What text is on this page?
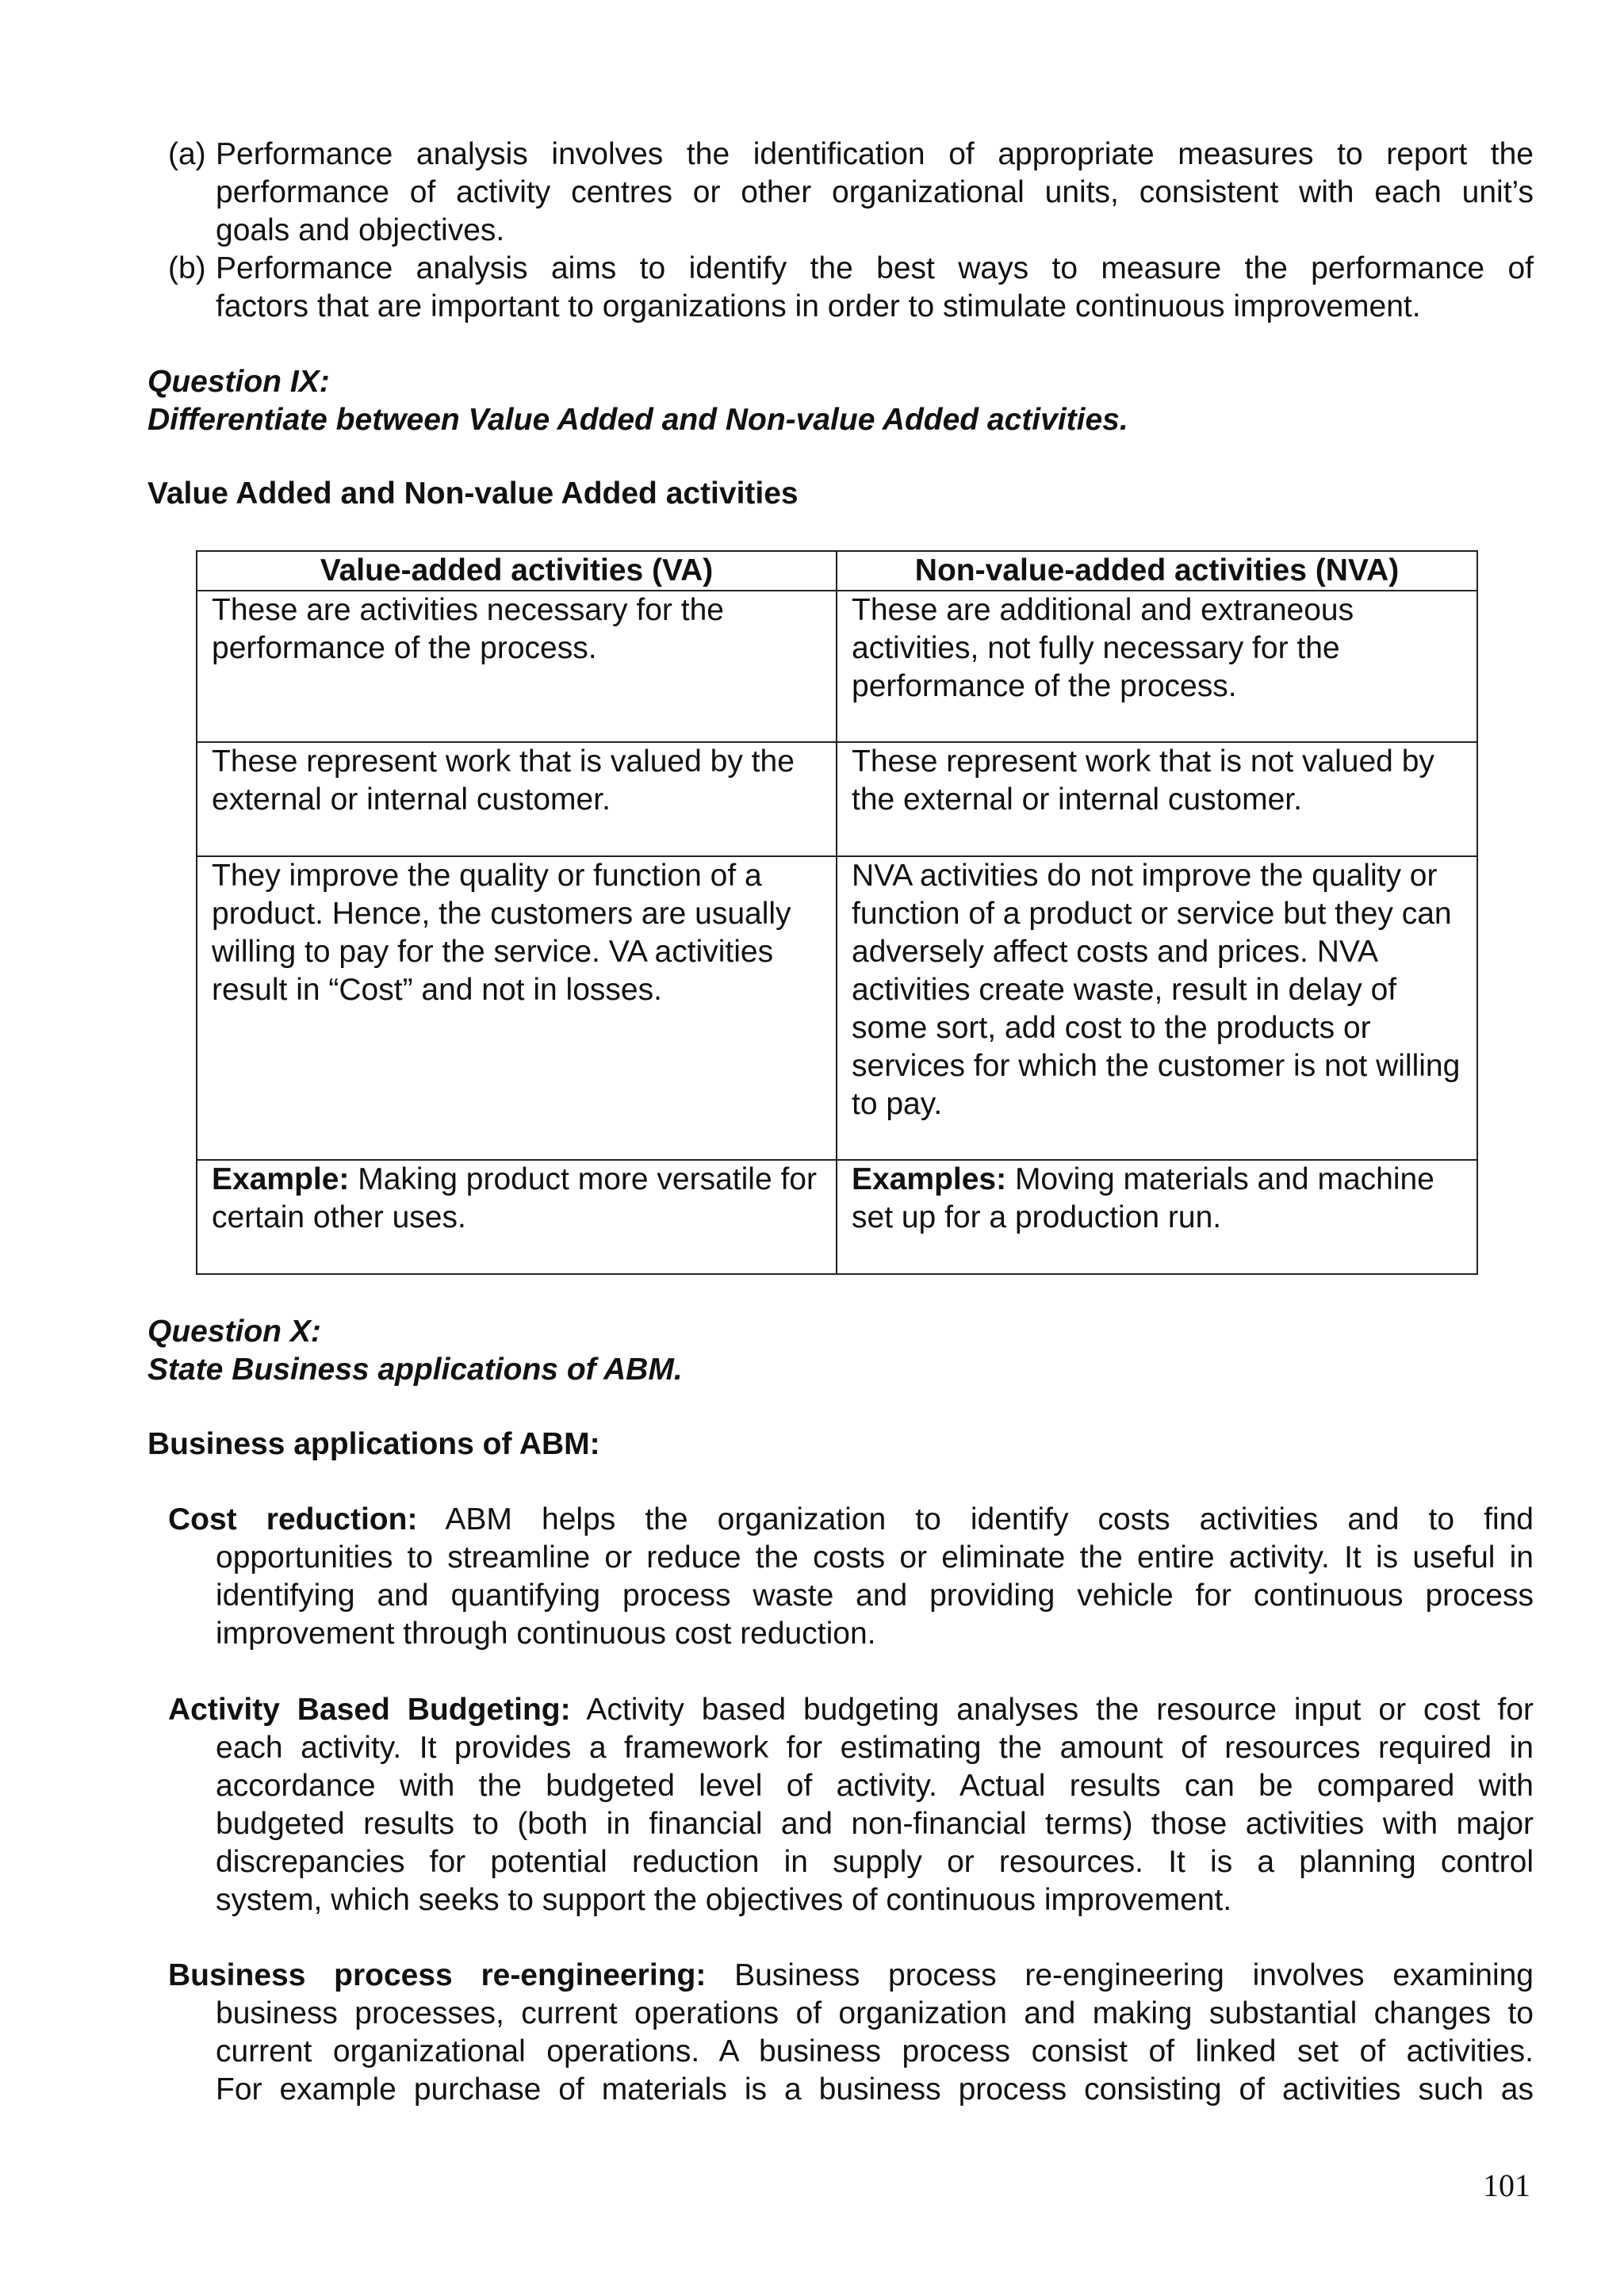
(a) Performance analysis involves the identification of appropriate measures to report the
performance of activity centres or other organizational units, consistent with each unit’s
goals and objectives.
(b) Performance analysis aims to identify the best ways to measure the performance of
factors that are important to organizations in order to stimulate continuous improvement.
Question IX:
Differentiate between Value Added and Non-value Added activities.
Value Added and Non-value Added activities
Value-added activities (VA)	Non-value-added activities (NVA)
These are activities necessary for the performance of the process.	These are additional and extraneous activities, not fully necessary for the performance of the process.
These represent work that is valued by the external or internal customer.	These represent work that is not valued by the external or internal customer.
They improve the quality or function of a product. Hence, the customers are usually willing to pay for the service. VA activities result in “Cost” and not in losses.	NVA activities do not improve the quality or function of a product or service but they can adversely affect costs and prices. NVA activities create waste, result in delay of some sort, add cost to the products or services for which the customer is not willing to pay.
Example: Making product more versatile for certain other uses.	Examples: Moving materials and machine set up for a production run.
Question X:
State Business applications of ABM.
Business applications of ABM:
Cost reduction: ABM helps the organization to identify costs activities and to find
opportunities to streamline or reduce the costs or eliminate the entire activity. It is useful in
identifying and quantifying process waste and providing vehicle for continuous process
improvement through continuous cost reduction.
Activity Based Budgeting: Activity based budgeting analyses the resource input or cost for
each activity. It provides a framework for estimating the amount of resources required in
accordance with the budgeted level of activity. Actual results can be compared with
budgeted results to (both in financial and non-financial terms) those activities with major
discrepancies for potential reduction in supply or resources. It is a planning control
system, which seeks to support the objectives of continuous improvement.
Business process re-engineering: Business process re-engineering involves examining
business processes, current operations of organization and making substantial changes to
current organizational operations. A business process consist of linked set of activities.
For example purchase of materials is a business process consisting of activities such as
101
